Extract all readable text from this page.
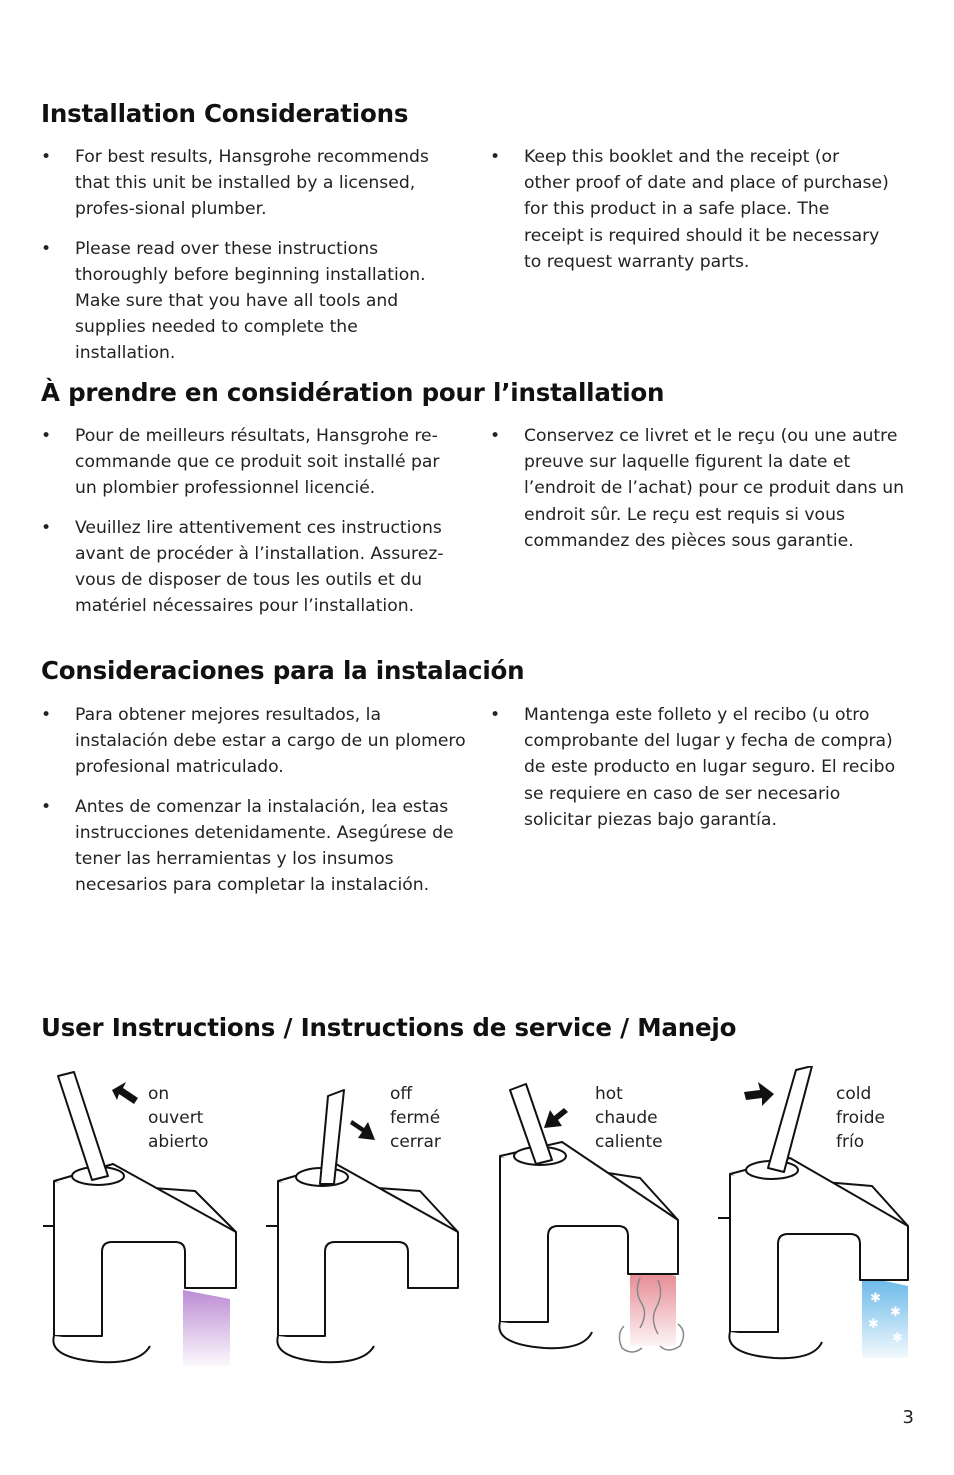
Installation Considerations
• For best results, Hansgrohe recommends that this unit be installed by a licensed, profes-sional plumber.
• Please read over these instructions thoroughly before beginning installation. Make sure that you have all tools and supplies needed to complete the installation.
• Keep this booklet and the receipt (or other proof of date and place of purchase) for this product in a safe place. The receipt is required should it be necessary to request warranty parts.
À prendre en considération pour l’installation
• Pour de meilleurs résultats, Hansgrohe re-commande que ce produit soit installé par un plombier professionnel licencié.
• Veuillez lire attentivement ces instructions avant de procéder à l’installation. Assurez-vous de disposer de tous les outils et du matériel nécessaires pour l’installation.
• Conservez ce livret et le reçu (ou une autre preuve sur laquelle figurent la date et l’endroit de l’achat) pour ce produit dans un endroit sûr. Le reçu est requis si vous commandez des pièces sous garantie.
Consideraciones para la instalación
• Para obtener mejores resultados, la instalación debe estar a cargo de un plomero profesional matriculado.
• Antes de comenzar la instalación, lea estas instrucciones detenidamente. Asegúrese de tener las herramientas y los insumos necesarios para completar la instalación.
• Mantenga este folleto y el recibo (u otro comprobante del lugar y fecha de compra) de este producto en lugar seguro. El recibo se requiere en caso de ser necesario solicitar piezas bajo garantía.
User Instructions / Instructions de service / Manejo
on
ouvert
abierto
off
fermé
cerrar
hot
chaude
caliente
✱
✱
✱
✱
cold
froide
frío
3
